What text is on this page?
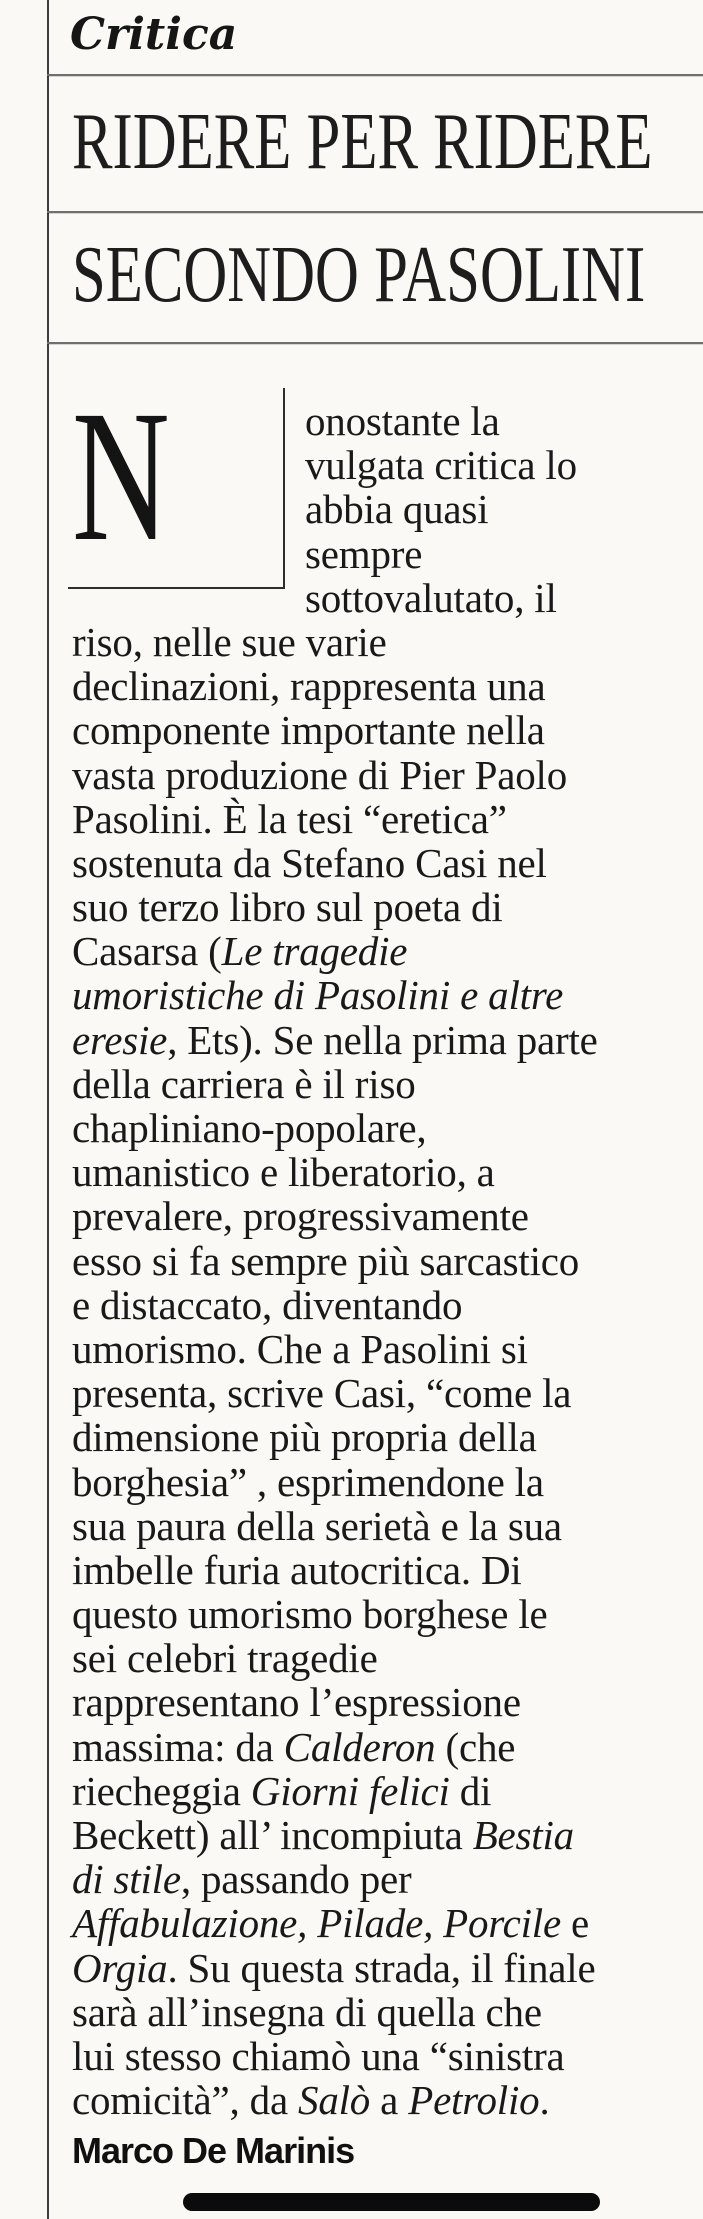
Critica
RIDERE PER RIDERE
SECONDO PASOLINI
N	onostante la
vulgata critica lo
abbia quasi
sempre
sottovalutato, il
riso, nelle sue varie
declinazioni, rappresenta una
componente importante nella
vasta produzione di Pier Paolo
Pasolini. È la tesi “eretica”
sostenuta da Stefano Casi nel
suo terzo libro sul poeta di
Casarsa (Le tragedie
umoristiche di Pasolini e altre
eresie, Ets). Se nella prima parte
della carriera è il riso
chapliniano-popolare,
umanistico e liberatorio, a
prevalere, progressivamente
esso si fa sempre più sarcastico
e distaccato, diventando
umorismo. Che a Pasolini si
presenta, scrive Casi, “come la
dimensione più propria della
borghesia” , esprimendone la
sua paura della serietà e la sua
imbelle furia autocritica. Di
questo umorismo borghese le
sei celebri tragedie
rappresentano l’espressione
massima: da Calderon (che
riecheggia Giorni felici di
Beckett) all’ incompiuta Bestia
di stile, passando per
Affabulazione, Pilade, Porcile e
Orgia. Su questa strada, il finale
sarà all’insegna di quella che
lui stesso chiamò una “sinistra
comicità”, da Salò a Petrolio.
Marco De Marinis
